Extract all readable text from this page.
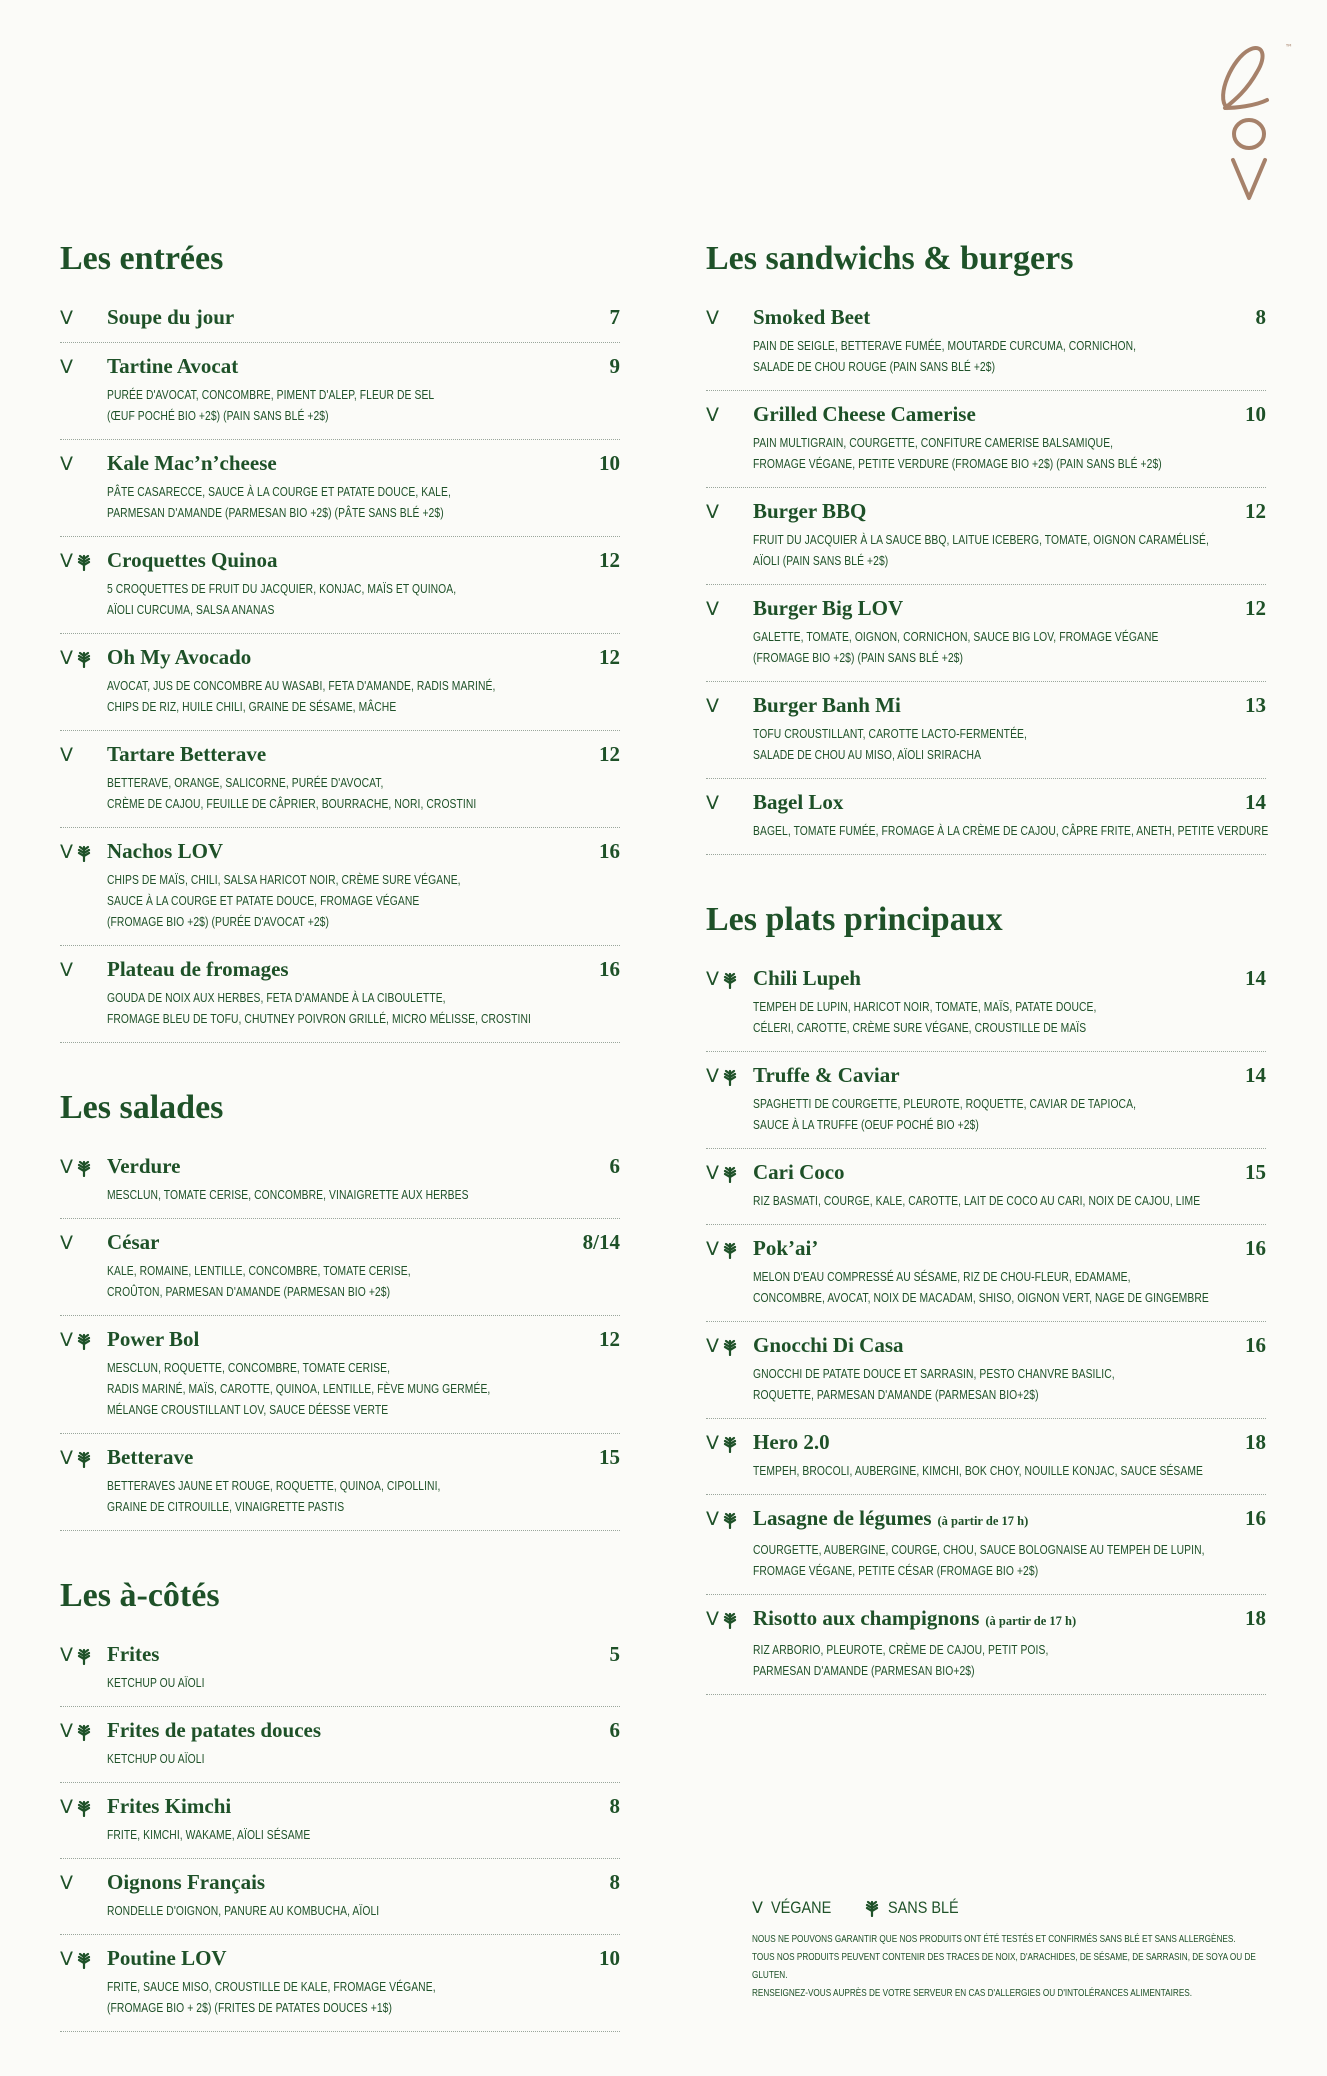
™
Les entrées
V Soupe du jour	7
V Tartine Avocat	9
PURÉE D'AVOCAT, CONCOMBRE, PIMENT D'ALEP, FLEUR DE SEL
(ŒUF POCHÉ BIO +2$) (PAIN SANS BLÉ +2$)
V Kale Mac’n’cheese	10
PÂTE CASARECCE, SAUCE À LA COURGE ET PATATE DOUCE, KALE,
PARMESAN D'AMANDE (PARMESAN BIO +2$) (PÂTE SANS BLÉ +2$)
V Croquettes Quinoa	12
5 CROQUETTES DE FRUIT DU JACQUIER, KONJAC, MAÏS ET QUINOA,
AÏOLI CURCUMA, SALSA ANANAS
V Oh My Avocado	12
AVOCAT, JUS DE CONCOMBRE AU WASABI, FETA D'AMANDE, RADIS MARINÉ,
CHIPS DE RIZ, HUILE CHILI, GRAINE DE SÉSAME, MÂCHE
V Tartare Betterave	12
BETTERAVE, ORANGE, SALICORNE, PURÉE D'AVOCAT,
CRÈME DE CAJOU, FEUILLE DE CÂPRIER, BOURRACHE, NORI, CROSTINI
V Nachos LOV	16
CHIPS DE MAÏS, CHILI, SALSA HARICOT NOIR, CRÈME SURE VÉGANE,
SAUCE À LA COURGE ET PATATE DOUCE, FROMAGE VÉGANE
(FROMAGE BIO +2$) (PURÉE D'AVOCAT +2$)
V Plateau de fromages	16
GOUDA DE NOIX AUX HERBES, FETA D'AMANDE À LA CIBOULETTE,
FROMAGE BLEU DE TOFU, CHUTNEY POIVRON GRILLÉ, MICRO MÉLISSE, CROSTINI
Les salades
V Verdure	6
MESCLUN, TOMATE CERISE, CONCOMBRE, VINAIGRETTE AUX HERBES
V César	8/14
KALE, ROMAINE, LENTILLE, CONCOMBRE, TOMATE CERISE,
CROÛTON, PARMESAN D'AMANDE (PARMESAN BIO +2$)
V Power Bol	12
MESCLUN, ROQUETTE, CONCOMBRE, TOMATE CERISE,
RADIS MARINÉ, MAÏS, CAROTTE, QUINOA, LENTILLE, FÈVE MUNG GERMÉE,
MÉLANGE CROUSTILLANT LOV, SAUCE DÉESSE VERTE
V Betterave	15
BETTERAVES JAUNE ET ROUGE, ROQUETTE, QUINOA, CIPOLLINI,
GRAINE DE CITROUILLE, VINAIGRETTE PASTIS
Les à-côtés
V Frites	5
KETCHUP OU AÏOLI
V Frites de patates douces	6
KETCHUP OU AÏOLI
V Frites Kimchi	8
FRITE, KIMCHI, WAKAME, AÏOLI SÉSAME
V Oignons Français	8
RONDELLE D'OIGNON, PANURE AU KOMBUCHA, AÏOLI
V Poutine LOV	10
FRITE, SAUCE MISO, CROUSTILLE DE KALE, FROMAGE VÉGANE,
(FROMAGE BIO + 2$) (FRITES DE PATATES DOUCES +1$)
Les sandwichs & burgers
V Smoked Beet	8
PAIN DE SEIGLE, BETTERAVE FUMÉE, MOUTARDE CURCUMA, CORNICHON,
SALADE DE CHOU ROUGE (PAIN SANS BLÉ +2$)
V Grilled Cheese Camerise	10
PAIN MULTIGRAIN, COURGETTE, CONFITURE CAMERISE BALSAMIQUE,
FROMAGE VÉGANE, PETITE VERDURE (FROMAGE BIO +2$) (PAIN SANS BLÉ +2$)
V Burger BBQ	12
FRUIT DU JACQUIER À LA SAUCE BBQ, LAITUE ICEBERG, TOMATE, OIGNON CARAMÉLISÉ,
AÏOLI (PAIN SANS BLÉ +2$)
V Burger Big LOV	12
GALETTE, TOMATE, OIGNON, CORNICHON, SAUCE BIG LOV, FROMAGE VÉGANE
(FROMAGE BIO +2$) (PAIN SANS BLÉ +2$)
V Burger Banh Mi	13
TOFU CROUSTILLANT, CAROTTE LACTO-FERMENTÉE,
SALADE DE CHOU AU MISO, AÏOLI SRIRACHA
V Bagel Lox	14
BAGEL, TOMATE FUMÉE, FROMAGE À LA CRÈME DE CAJOU, CÂPRE FRITE, ANETH, PETITE VERDURE
Les plats principaux
V Chili Lupeh	14
TEMPEH DE LUPIN, HARICOT NOIR, TOMATE, MAÏS, PATATE DOUCE,
CÉLERI, CAROTTE, CRÈME SURE VÉGANE, CROUSTILLE DE MAÏS
V Truffe & Caviar	14
SPAGHETTI DE COURGETTE, PLEUROTE, ROQUETTE, CAVIAR DE TAPIOCA,
SAUCE À LA TRUFFE (OEUF POCHÉ BIO +2$)
V Cari Coco	15
RIZ BASMATI, COURGE, KALE, CAROTTE, LAIT DE COCO AU CARI, NOIX DE CAJOU, LIME
V Pok’ai’	16
MELON D'EAU COMPRESSÉ AU SÉSAME, RIZ DE CHOU-FLEUR, EDAMAME,
CONCOMBRE, AVOCAT, NOIX DE MACADAM, SHISO, OIGNON VERT, NAGE DE GINGEMBRE
V Gnocchi Di Casa	16
GNOCCHI DE PATATE DOUCE ET SARRASIN, PESTO CHANVRE BASILIC,
ROQUETTE, PARMESAN D'AMANDE (PARMESAN BIO+2$)
V Hero 2.0	18
TEMPEH, BROCOLI, AUBERGINE, KIMCHI, BOK CHOY, NOUILLE KONJAC, SAUCE SÉSAME
V Lasagne de légumes (à partir de 17 h)	16
COURGETTE, AUBERGINE, COURGE, CHOU, SAUCE BOLOGNAISE AU TEMPEH DE LUPIN,
FROMAGE VÉGANE, PETITE CÉSAR (FROMAGE BIO +2$)
V Risotto aux champignons (à partir de 17 h)	18
RIZ ARBORIO, PLEUROTE, CRÈME DE CAJOU, PETIT POIS,
PARMESAN D'AMANDE (PARMESAN BIO+2$)
V VÉGANE	SANS BLÉ
NOUS NE POUVONS GARANTIR QUE NOS PRODUITS ONT ÉTÉ TESTÉS ET CONFIRMÉS SANS BLÉ ET SANS ALLERGÈNES.
TOUS NOS PRODUITS PEUVENT CONTENIR DES TRACES DE NOIX, D'ARACHIDES, DE SÉSAME, DE SARRASIN, DE SOYA OU DE GLUTEN.
RENSEIGNEZ-VOUS AUPRÈS DE VOTRE SERVEUR EN CAS D'ALLERGIES OU D'INTOLÉRANCES ALIMENTAIRES.
